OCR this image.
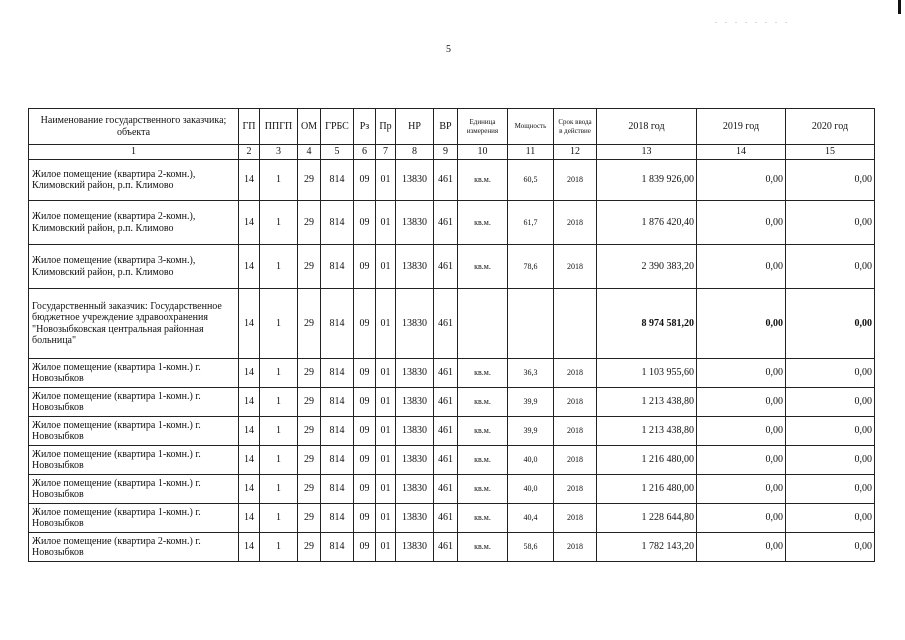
. . . . . . . .
5
Наименование государственного заказчика; объекта	ГП	ППГП	ОМ	ГРБС	Рз	Пр	НР	ВР	Единица измерения	Мощность	Срок ввода в действие	2018 год	2019 год	2020 год
1	2	3	4	5	6	7	8	9	10	11	12	13	14	15
Жилое помещение (квартира 2-комн.), Климовский район, р.п. Климово	14	1	29	814	09	01	13830	461	кв.м.	60,5	2018	1 839 926,00	0,00	0,00
Жилое помещение (квартира 2-комн.), Климовский район, р.п. Климово	14	1	29	814	09	01	13830	461	кв.м.	61,7	2018	1 876 420,40	0,00	0,00
Жилое помещение (квартира 3-комн.), Климовский район, р.п. Климово	14	1	29	814	09	01	13830	461	кв.м.	78,6	2018	2 390 383,20	0,00	0,00
Государственный заказчик: Государственное бюджетное учреждение здравоохранения "Новозыбковская центральная районная больница"	14	1	29	814	09	01	13830	461				8 974 581,20	0,00	0,00
Жилое помещение (квартира 1-комн.) г. Новозыбков	14	1	29	814	09	01	13830	461	кв.м.	36,3	2018	1 103 955,60	0,00	0,00
Жилое помещение (квартира 1-комн.) г. Новозыбков	14	1	29	814	09	01	13830	461	кв.м.	39,9	2018	1 213 438,80	0,00	0,00
Жилое помещение (квартира 1-комн.) г. Новозыбков	14	1	29	814	09	01	13830	461	кв.м.	39,9	2018	1 213 438,80	0,00	0,00
Жилое помещение (квартира 1-комн.) г. Новозыбков	14	1	29	814	09	01	13830	461	кв.м.	40,0	2018	1 216 480,00	0,00	0,00
Жилое помещение (квартира 1-комн.) г. Новозыбков	14	1	29	814	09	01	13830	461	кв.м.	40,0	2018	1 216 480,00	0,00	0,00
Жилое помещение (квартира 1-комн.) г. Новозыбков	14	1	29	814	09	01	13830	461	кв.м.	40,4	2018	1 228 644,80	0,00	0,00
Жилое помещение (квартира 2-комн.) г. Новозыбков	14	1	29	814	09	01	13830	461	кв.м.	58,6	2018	1 782 143,20	0,00	0,00
